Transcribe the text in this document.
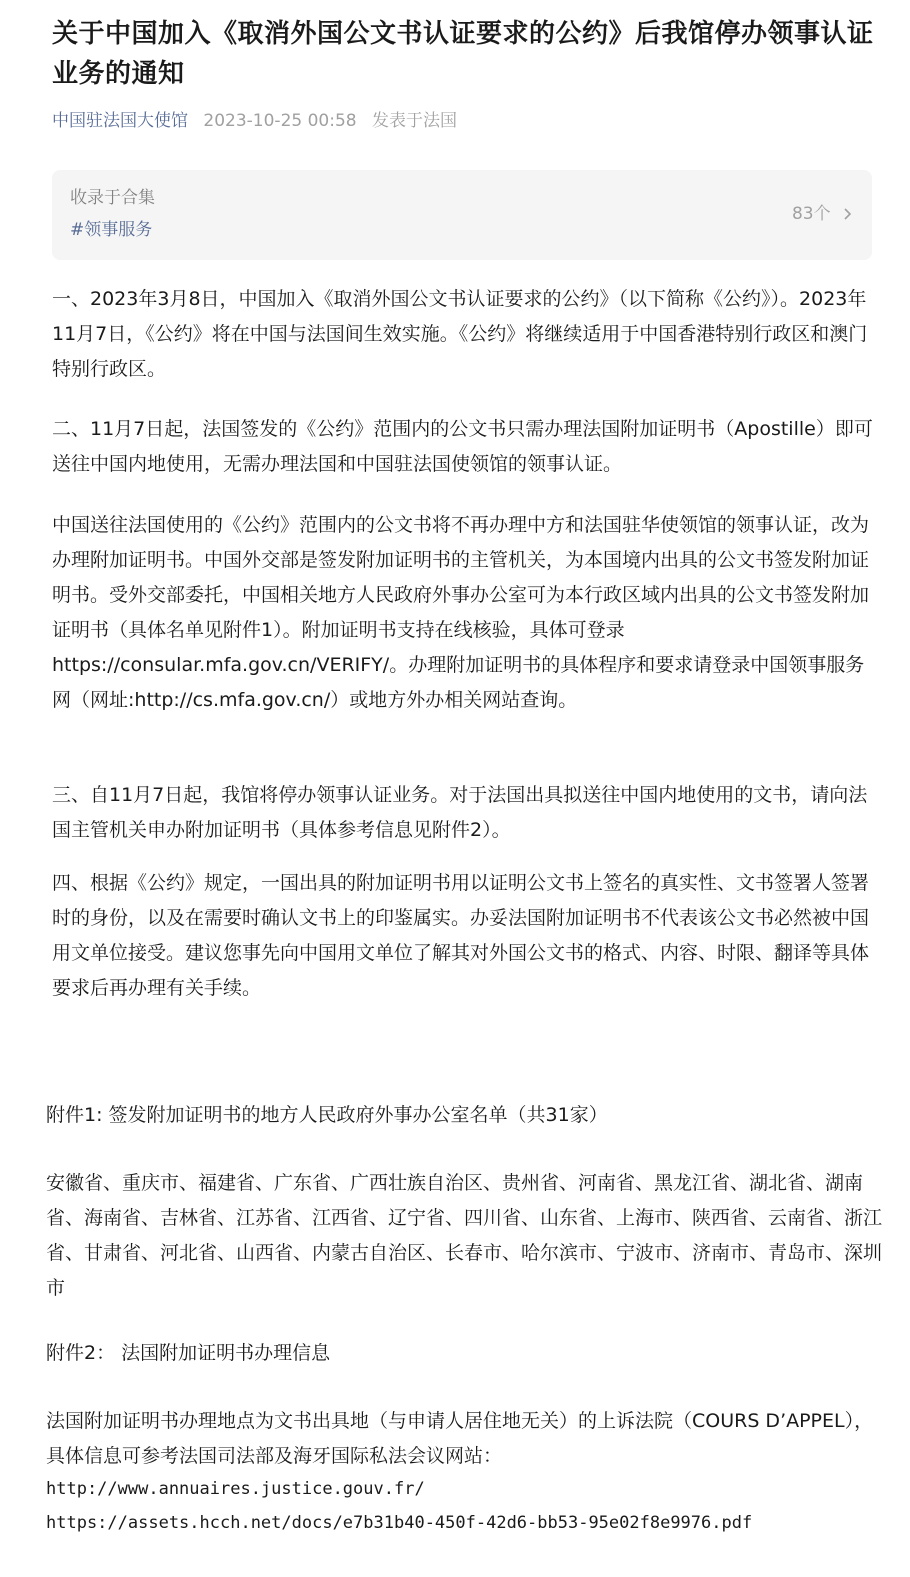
关于中国加入《取消外国公文书认证要求的公约》后我馆停办领事认证业务的通知
中国驻法国大使馆 2023-10-25 00:58 发表于法国
收录于合集
#领事服务
83个

一、2023年3月8日，中国加入《取消外国公文书认证要求的公约》（以下简称《公约》）。2023年11月7日，《公约》将在中国与法国间生效实施。《公约》将继续适用于中国香港特别行政区和澳门特别行政区。

二、11月7日起，法国签发的《公约》范围内的公文书只需办理法国附加证明书（Apostille）即可送往中国内地使用，无需办理法国和中国驻法国使领馆的领事认证。

中国送往法国使用的《公约》范围内的公文书将不再办理中方和法国驻华使领馆的领事认证，改为办理附加证明书。中国外交部是签发附加证明书的主管机关，为本国境内出具的公文书签发附加证明书。受外交部委托，中国相关地方人民政府外事办公室可为本行政区域内出具的公文书签发附加证明书（具体名单见附件1）。附加证明书支持在线核验，具体可登录https://consular.mfa.gov.cn/VERIFY/。办理附加证明书的具体程序和要求请登录中国领事服务网（网址:http://cs.mfa.gov.cn/）或地方外办相关网站查询。

三、自11月7日起，我馆将停办领事认证业务。对于法国出具拟送往中国内地使用的文书，请向法国主管机关申办附加证明书（具体参考信息见附件2）。

四、根据《公约》规定，一国出具的附加证明书用以证明公文书上签名的真实性、文书签署人签署时的身份，以及在需要时确认文书上的印鉴属实。办妥法国附加证明书不代表该公文书必然被中国用文单位接受。建议您事先向中国用文单位了解其对外国公文书的格式、内容、时限、翻译等具体要求后再办理有关手续。

附件1: 签发附加证明书的地方人民政府外事办公室名单（共31家）

安徽省、重庆市、福建省、广东省、广西壮族自治区、贵州省、河南省、黑龙江省、湖北省、湖南省、海南省、吉林省、江苏省、江西省、辽宁省、四川省、山东省、上海市、陕西省、云南省、浙江省、甘肃省、河北省、山西省、内蒙古自治区、长春市、哈尔滨市、宁波市、济南市、青岛市、深圳市

附件2： 法国附加证明书办理信息

法国附加证明书办理地点为文书出具地（与申请人居住地无关）的上诉法院（COURS D’APPEL），具体信息可参考法国司法部及海牙国际私法会议网站：

http://www.annuaires.justice.gouv.fr/

https://assets.hcch.net/docs/e7b31b40-450f-42d6-bb53-95e02f8e9976.pdf
